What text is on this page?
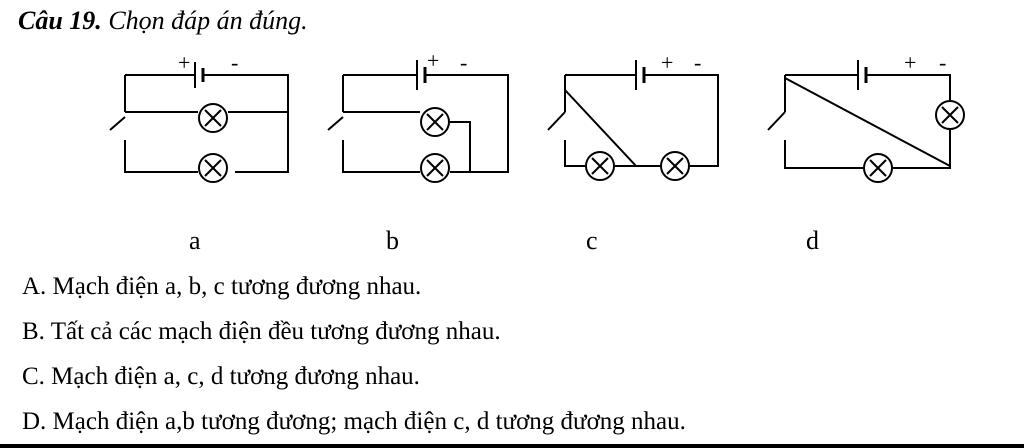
Câu 19. Chọn đáp án đúng.
+ -	+ -	+ -	+ -
a	b	c	d
A. Mạch điện a, b, c tương đương nhau.
B. Tất cả các mạch điện đều tương đương nhau.
C. Mạch điện a, c, d tương đương nhau.
D. Mạch điện a,b tương đương; mạch điện c, d tương đương nhau.
